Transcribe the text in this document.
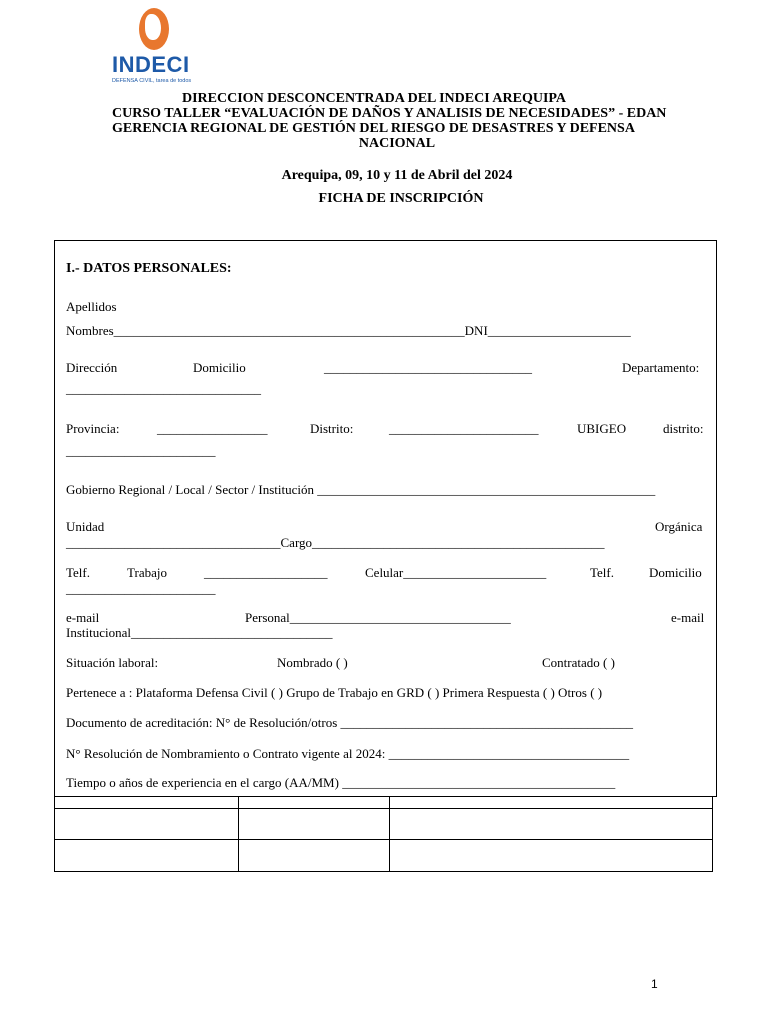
INDECI
DEFENSA CIVIL, tarea de todos
DIRECCION DESCONCENTRADA DEL INDECI AREQUIPA
CURSO TALLER “EVALUACIÓN DE DAÑOS Y ANALISIS DE NECESIDADES” - EDAN
GERENCIA REGIONAL DE GESTIÓN DEL RIESGO DE DESASTRES Y DEFENSA
NACIONAL
Arequipa, 09, 10 y 11 de Abril del 2024
FICHA DE INSCRIPCIÓN
I.- DATOS PERSONALES:
Apellidos
Nombres______________________________________________________DNI______________________
Dirección	Domicilio	________________________________	Departamento:
______________________________
Provincia:	_________________	Distrito:	_______________________	UBIGEO	distrito:
_______________________
Gobierno Regional / Local / Sector / Institución ____________________________________________________
Unidad	Orgánica
_________________________________Cargo_____________________________________________
Telf.	Trabajo	___________________	Celular______________________	Telf.	Domicilio
_______________________
e-mail	Personal__________________________________	e-mail
Institucional_______________________________
Situación laboral:	Nombrado ( )	Contratado ( )
Pertenece a : Plataforma Defensa Civil ( ) Grupo de Trabajo en GRD ( ) Primera Respuesta ( ) Otros ( )
Documento de acreditación: N° de Resolución/otros _____________________________________________
N° Resolución de Nombramiento o Contrato vigente al 2024: _____________________________________
Tiempo o años de experiencia en el cargo (AA/MM) __________________________________________
1
